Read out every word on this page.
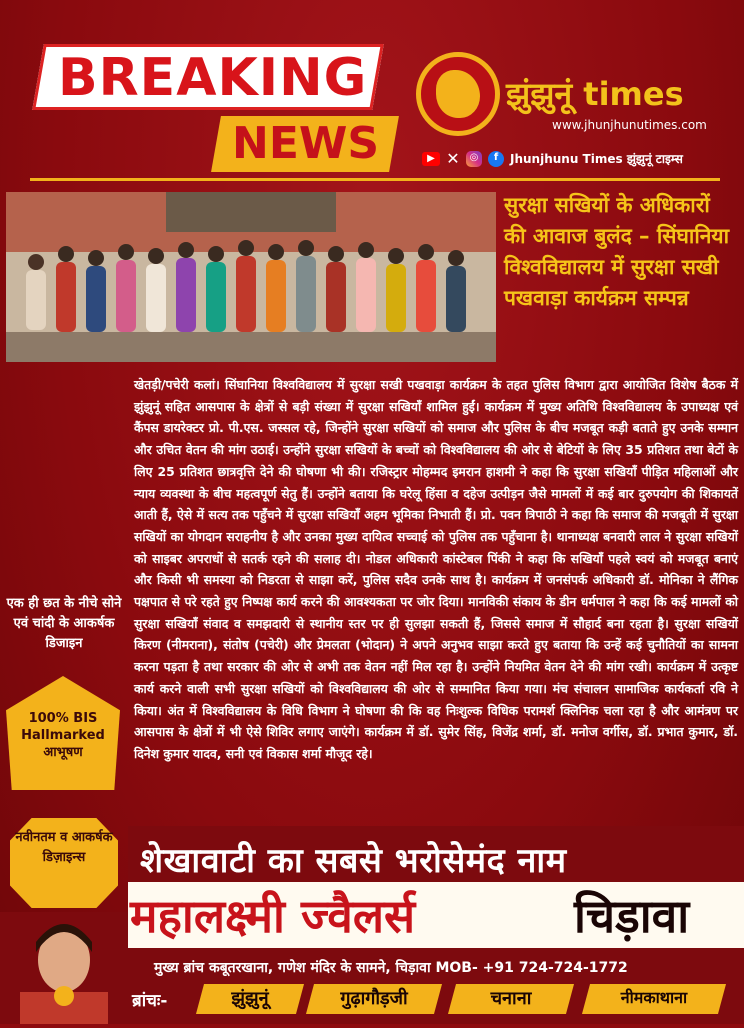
BREAKING
NEWS
झुंझुनूं times
www.jhunjhunutimes.com
▶ ✕ ◎	f Jhunjhunu Times झुंझुनूं टाइम्स
सुरक्षा सखियों के अधिकारों की आवाज बुलंद – सिंघानिया विश्वविद्यालय में सुरक्षा सखी पखवाड़ा कार्यक्रम सम्पन्न
खेतड़ी/पचेरी कलां। सिंघानिया विश्वविद्यालय में सुरक्षा सखी पखवाड़ा कार्यक्रम के तहत पुलिस विभाग द्वारा आयोजित विशेष बैठक में झुंझुनूं सहित आसपास के क्षेत्रों से बड़ी संख्या में सुरक्षा सखियाँ शामिल हुईं। कार्यक्रम में मुख्य अतिथि विश्वविद्यालय के उपाध्यक्ष एवं कैंपस डायरेक्टर प्रो. पी.एस. जस्सल रहे, जिन्होंने सुरक्षा सखियों को समाज और पुलिस के बीच मजबूत कड़ी बताते हुए उनके सम्मान और उचित वेतन की मांग उठाई। उन्होंने सुरक्षा सखियों के बच्चों को विश्वविद्यालय की ओर से बेटियों के लिए 35 प्रतिशत तथा बेटों के लिए 25 प्रतिशत छात्रवृत्ति देने की घोषणा भी की। रजिस्ट्रार मोहम्मद इमरान हाशमी ने कहा कि सुरक्षा सखियाँ पीड़ित महिलाओं और न्याय व्यवस्था के बीच महत्वपूर्ण सेतु हैं। उन्होंने बताया कि घरेलू हिंसा व दहेज उत्पीड़न जैसे मामलों में कई बार दुरुपयोग की शिकायतें आती हैं, ऐसे में सत्य तक पहुँचने में सुरक्षा सखियाँ अहम भूमिका निभाती हैं। प्रो. पवन त्रिपाठी ने कहा कि समाज की मजबूती में सुरक्षा सखियों का योगदान सराहनीय है और उनका मुख्य दायित्व सच्चाई को पुलिस तक पहुँचाना है। थानाध्यक्ष बनवारी लाल ने सुरक्षा सखियों को साइबर अपराधों से सतर्क रहने की सलाह दी। नोडल अधिकारी कांस्टेबल पिंकी ने कहा कि सखियाँ पहले स्वयं को मजबूत बनाएं और किसी भी समस्या को निडरता से साझा करें, पुलिस सदैव उनके साथ है। कार्यक्रम में जनसंपर्क अधिकारी डॉ. मोनिका ने लैंगिक पक्षपात से परे रहते हुए निष्पक्ष कार्य करने की आवश्यकता पर जोर दिया। मानविकी संकाय के डीन धर्मपाल ने कहा कि कई मामलों को सुरक्षा सखियाँ संवाद व समझदारी से स्थानीय स्तर पर ही सुलझा सकती हैं, जिससे समाज में सौहार्द बना रहता है। सुरक्षा सखियों किरण (नीमराना), संतोष (पचेरी) और प्रेमलता (भोदान) ने अपने अनुभव साझा करते हुए बताया कि उन्हें कई चुनौतियों का सामना करना पड़ता है तथा सरकार की ओर से अभी तक वेतन नहीं मिल रहा है। उन्होंने नियमित वेतन देने की मांग रखी। कार्यक्रम में उत्कृष्ट कार्य करने वाली सभी सुरक्षा सखियों को विश्वविद्यालय की ओर से सम्मानित किया गया। मंच संचालन सामाजिक कार्यकर्ता रवि ने किया। अंत में विश्वविद्यालय के विधि विभाग ने घोषणा की कि वह निःशुल्क विधिक परामर्श क्लिनिक चला रहा है और आमंत्रण पर आसपास के क्षेत्रों में भी ऐसे शिविर लगाए जाएंगे। कार्यक्रम में डॉ. सुमेर सिंह, विजेंद्र शर्मा, डॉ. मनोज वर्गीस, डॉ. प्रभात कुमार, डॉ. दिनेश कुमार यादव, सनी एवं विकास शर्मा मौजूद रहे।
एक ही छत के नीचे सोने एवं चांदी के आकर्षक डिजाइन
100% BIS
Hallmarked
आभूषण
नवीनतम व आकर्षक डिज़ाइन्स	शेखावाटी का सबसे भरोसेमंद नाम
महालक्ष्मी ज्वैलर्स	चिड़ावा
मुख्य ब्रांच कबूतरखाना, गणेश मंदिर के सामने, चिड़ावा MOB- +91 724-724-1772
ब्रांचः-	झुंझुनूं	गुढ़ागौड़जी	चनाना	नीमकाथाना
